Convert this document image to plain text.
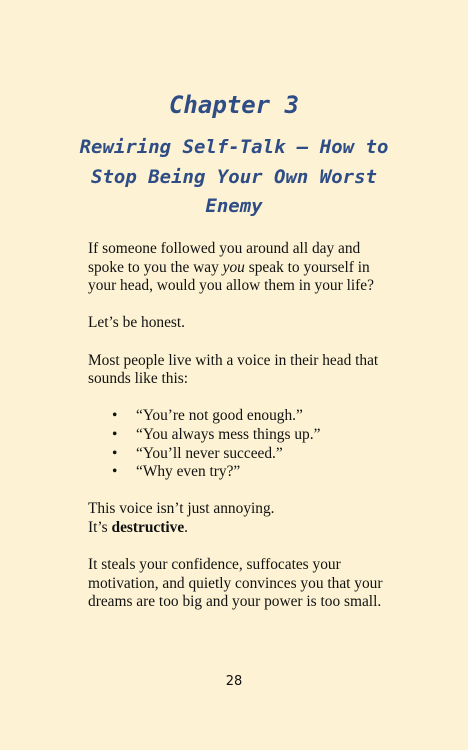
Chapter 3
Rewiring Self-Talk – How to Stop Being Your Own Worst Enemy

If someone followed you around all day and spoke to you the way you speak to yourself in your head, would you allow them in your life?

Let’s be honest.

Most people live with a voice in their head that sounds like this:

• “You’re not good enough.”
• “You always mess things up.”
• “You’ll never succeed.”
• “Why even try?”

This voice isn’t just annoying.
It’s destructive.

It steals your confidence, suffocates your motivation, and quietly convinces you that your dreams are too big and your power is too small.

28
